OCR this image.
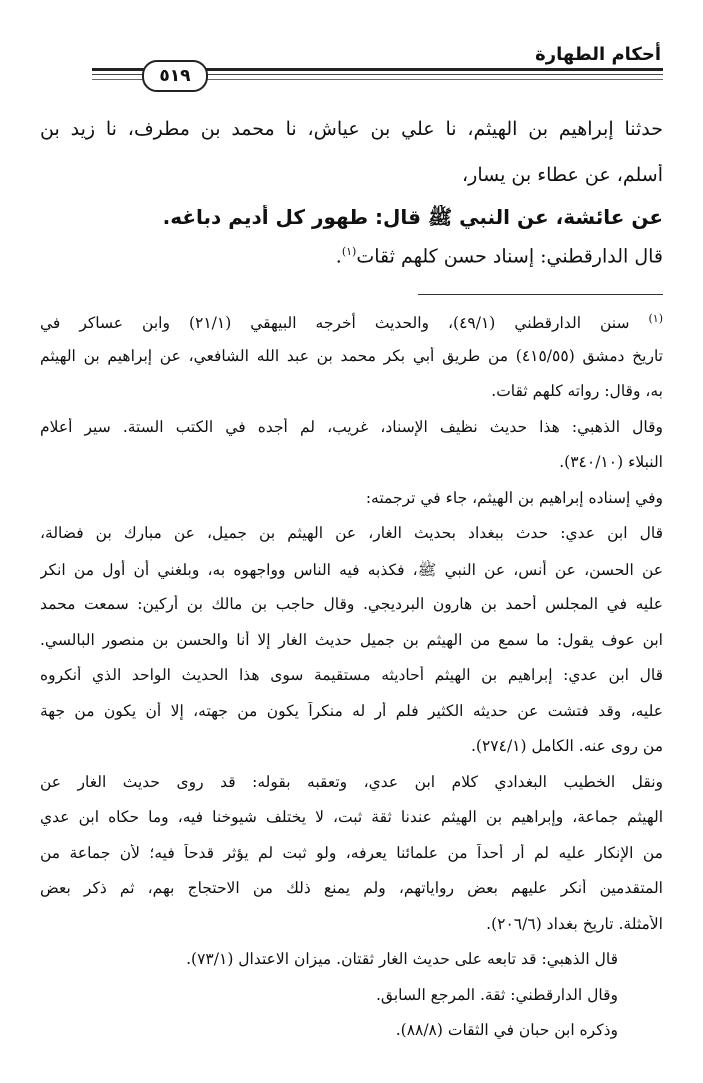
أحكام الطهارة
٥١٩
حدثنا إبراهيم بن الهيثم، نا علي بن عياش، نا محمد بن مطرف، نا زيد بن
أسلم، عن عطاء بن يسار،
عن عائشة، عن النبي ﷺ قال: طهور كل أديم دباغه.
قال الدارقطني: إسناد حسن كلهم ثقات$^{(١)}$.
$^{(١)}$ سنن الدارقطني (٤٩/١)، والحديث أخرجه البيهقي (٢١/١) وابن عساكر في
تاريخ دمشق (٤١٥/٥٥) من طريق أبي بكر محمد بن عبد الله الشافعي، عن إبراهيم بن الهيثم
به، وقال: رواته كلهم ثقات.
وقال الذهبي: هذا حديث نظيف الإسناد، غريب، لم أجده في الكتب الستة. سير أعلام
النبلاء (٣٤٠/١٠).
وفي إسناده إبراهيم بن الهيثم، جاء في ترجمته:
قال ابن عدي: حدث ببغداد بحديث الغار، عن الهيثم بن جميل، عن مبارك بن فضالة،
عن الحسن، عن أنس، عن النبي ﷺ، فكذبه فيه الناس وواجهوه به، وبلغني أن أول من انكر
عليه في المجلس أحمد بن هارون البرديجي. وقال حاجب بن مالك بن أركين: سمعت محمد
ابن عوف يقول: ما سمع من الهيثم بن جميل حديث الغار إلا أنا والحسن بن منصور البالسي.
قال ابن عدي: إبراهيم بن الهيثم أحاديثه مستقيمة سوى هذا الحديث الواحد الذي أنكروه
عليه، وقد فتشت عن حديثه الكثير فلم أر له منكراً يكون من جهته، إلا أن يكون من جهة
من روى عنه. الكامل (٢٧٤/١).
ونقل الخطيب البغدادي كلام ابن عدي، وتعقبه بقوله: قد روى حديث الغار عن
الهيثم جماعة، وإبراهيم بن الهيثم عندنا ثقة ثبت، لا يختلف شيوخنا فيه، وما حكاه ابن عدي
من الإنكار عليه لم أر أحداً من علمائنا يعرفه، ولو ثبت لم يؤثر قدحاً فيه؛ لأن جماعة من
المتقدمين أنكر عليهم بعض رواياتهم، ولم يمنع ذلك من الاحتجاج بهم، ثم ذكر بعض
الأمثلة. تاريخ بغداد (٢٠٦/٦).
قال الذهبي: قد تابعه على حديث الغار ثقتان. ميزان الاعتدال (٧٣/١).
وقال الدارقطني: ثقة. المرجع السابق.
وذكره ابن حبان في الثقات (٨٨/٨).
